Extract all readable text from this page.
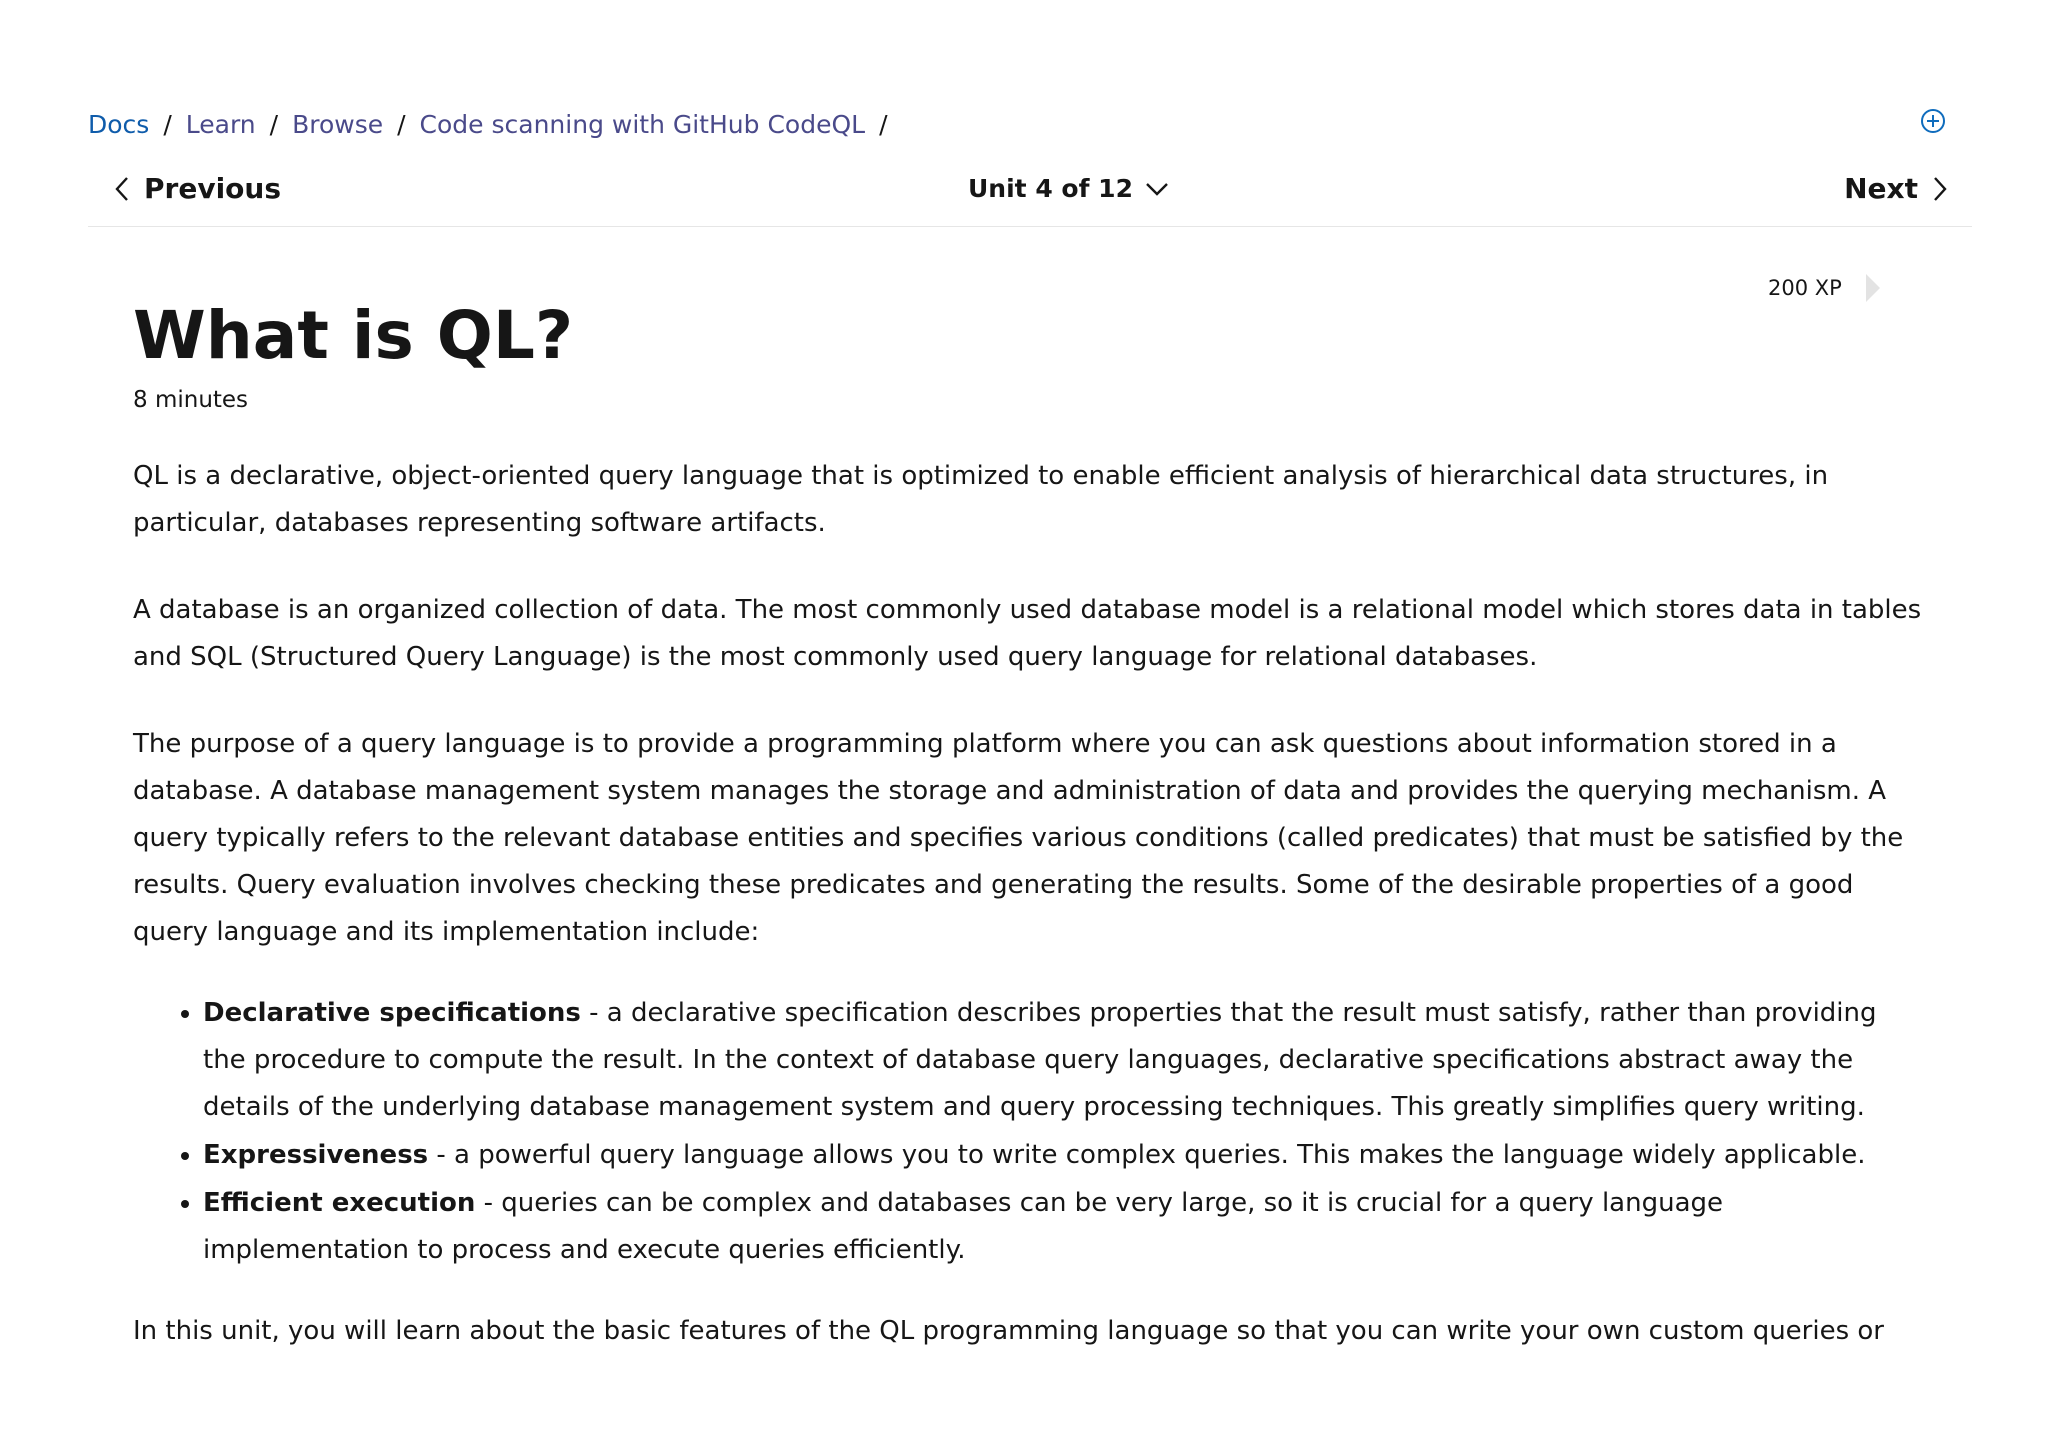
Docs / Learn / Browse / Code scanning with GitHub CodeQL /
Previous	Unit 4 of 12	Next
200 XP
What is QL?
8 minutes

QL is a declarative, object-oriented query language that is optimized to enable efficient analysis of hierarchical data structures, in particular, databases representing software artifacts.

A database is an organized collection of data. The most commonly used database model is a relational model which stores data in tables and SQL (Structured Query Language) is the most commonly used query language for relational databases.

The purpose of a query language is to provide a programming platform where you can ask questions about information stored in a database. A database management system manages the storage and administration of data and provides the querying mechanism. A query typically refers to the relevant database entities and specifies various conditions (called predicates) that must be satisfied by the results. Query evaluation involves checking these predicates and generating the results. Some of the desirable properties of a good query language and its implementation include:

• Declarative specifications - a declarative specification describes properties that the result must satisfy, rather than providing the procedure to compute the result. In the context of database query languages, declarative specifications abstract away the details of the underlying database management system and query processing techniques. This greatly simplifies query writing.
• Expressiveness - a powerful query language allows you to write complex queries. This makes the language widely applicable.
• Efficient execution - queries can be complex and databases can be very large, so it is crucial for a query language implementation to process and execute queries efficiently.

In this unit, you will learn about the basic features of the QL programming language so that you can write your own custom queries or
